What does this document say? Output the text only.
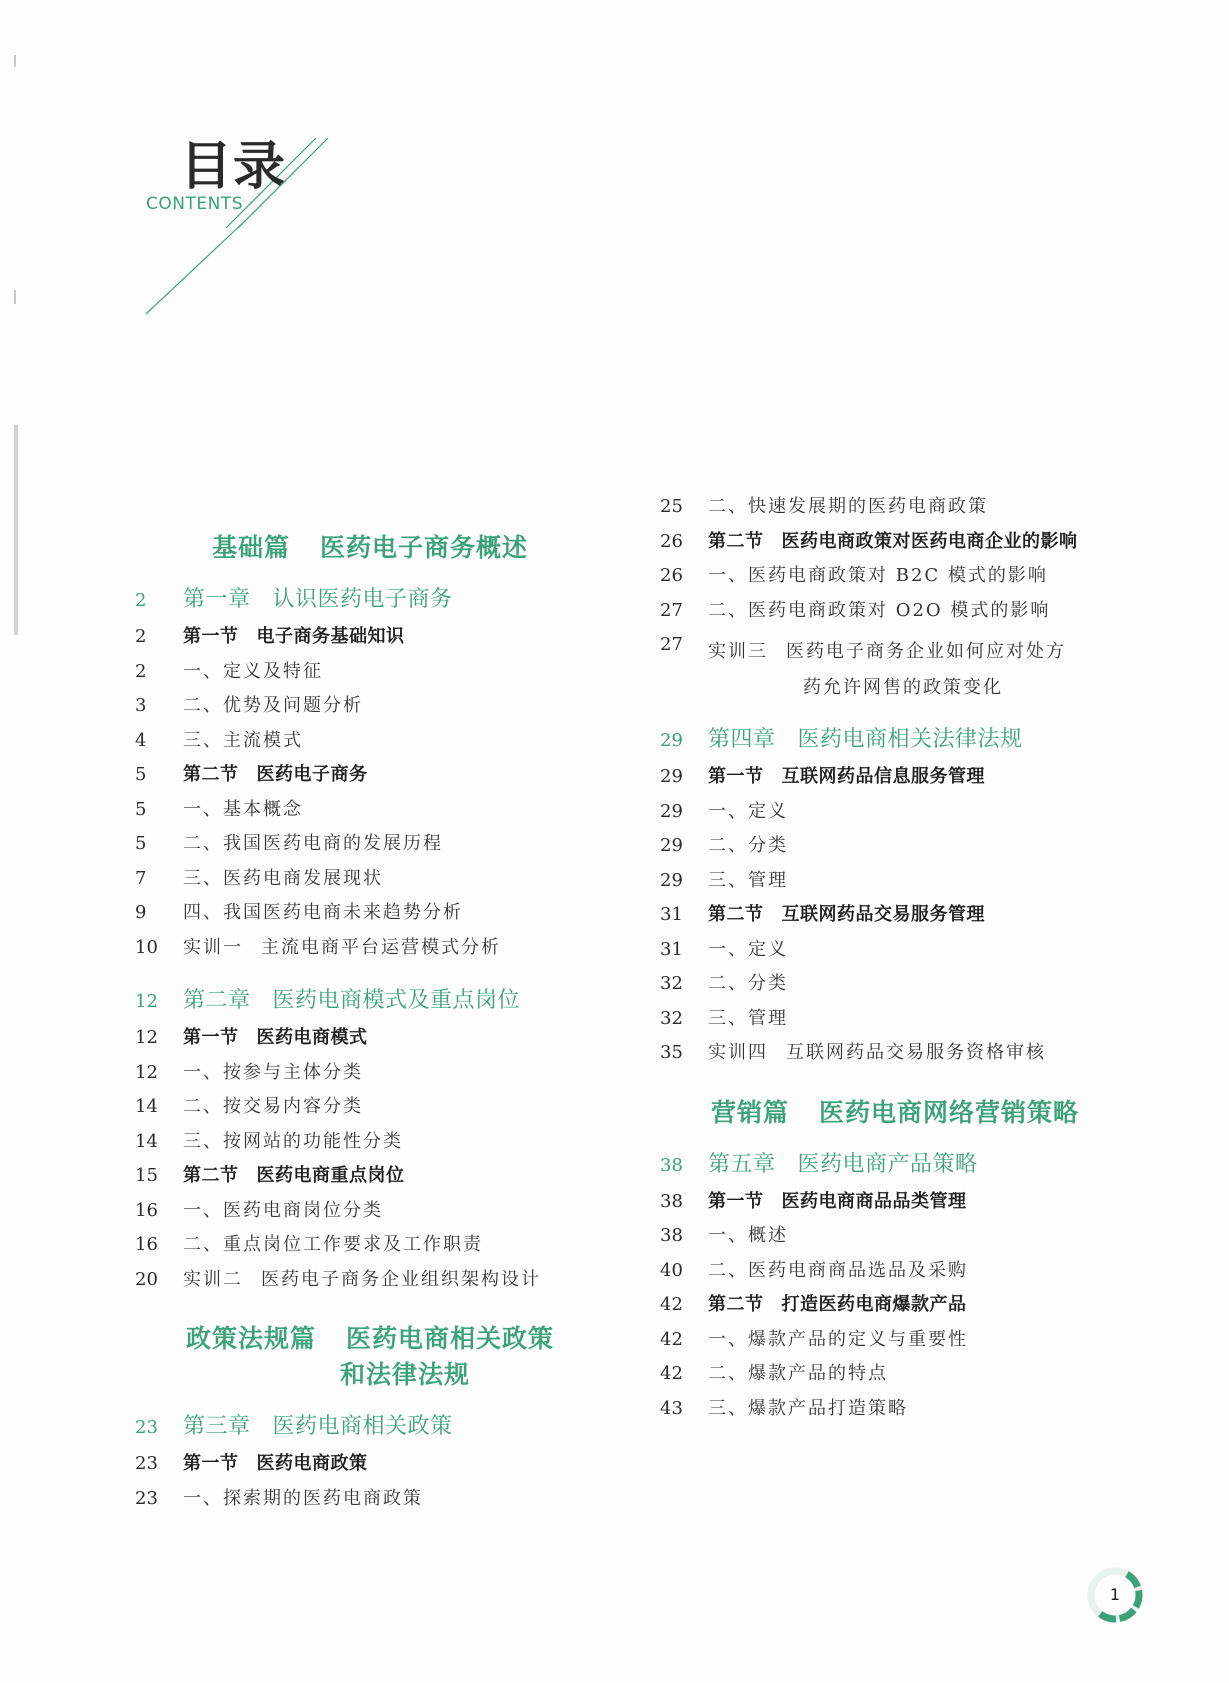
目录
CONTENTS
基础篇 医药电子商务概述
2	第一章 认识医药电子商务
2	第一节 电子商务基础知识
2	一、定义及特征
3	二、优势及问题分析
4	三、主流模式
5	第二节 医药电子商务
5	一、基本概念
5	二、我国医药电商的发展历程
7	三、医药电商发展现状
9	四、我国医药电商未来趋势分析
10	实训一 主流电商平台运营模式分析
12	第二章 医药电商模式及重点岗位
12	第一节 医药电商模式
12	一、按参与主体分类
14	二、按交易内容分类
14	三、按网站的功能性分类
15	第二节 医药电商重点岗位
16	一、医药电商岗位分类
16	二、重点岗位工作要求及工作职责
20	实训二 医药电子商务企业组织架构设计
政策法规篇 医药电商相关政策
和法律法规
23	第三章 医药电商相关政策
23	第一节 医药电商政策
23	一、探索期的医药电商政策
25	二、快速发展期的医药电商政策
26	第二节 医药电商政策对医药电商企业的影响
26	一、医药电商政策对 B2C 模式的影响
27	二、医药电商政策对 O2O 模式的影响
27	实训三 医药电子商务企业如何应对处方
药允许网售的政策变化
29	第四章 医药电商相关法律法规
29	第一节 互联网药品信息服务管理
29	一、定义
29	二、分类
29	三、管理
31	第二节 互联网药品交易服务管理
31	一、定义
32	二、分类
32	三、管理
35	实训四 互联网药品交易服务资格审核
营销篇 医药电商网络营销策略
38	第五章 医药电商产品策略
38	第一节 医药电商商品品类管理
38	一、概述
40	二、医药电商商品选品及采购
42	第二节 打造医药电商爆款产品
42	一、爆款产品的定义与重要性
42	二、爆款产品的特点
43	三、爆款产品打造策略
1
